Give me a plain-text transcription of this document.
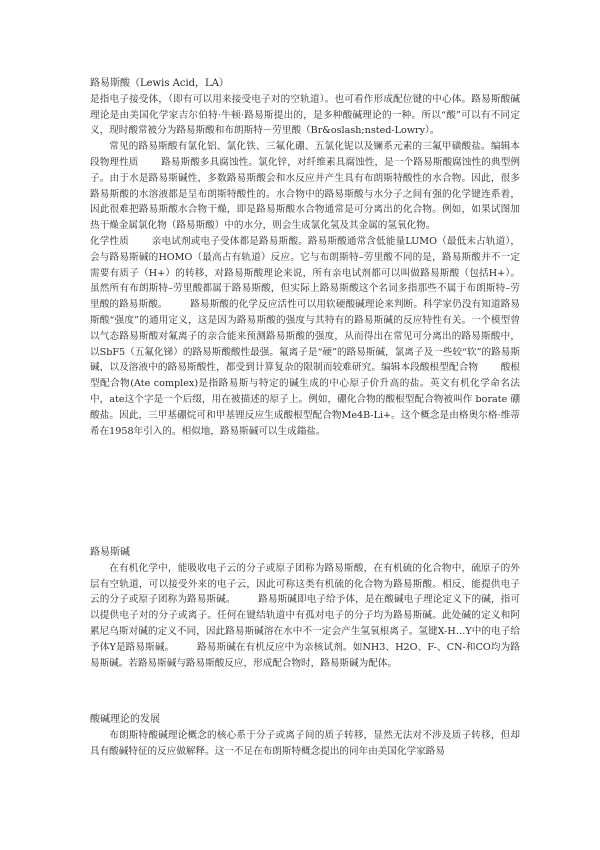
路易斯酸（Lewis Acid，LA）

是指电子接受体，（即有可以用来接受电子对的空轨道）。也可看作形成配位键的中心体。路易斯酸碱理论是由美国化学家吉尔伯特·牛顿·路易斯提出的，是多种酸碱理论的一种。所以“酸”可以有不同定义，现时酸常被分为路易斯酸和布朗斯特－劳里酸（Br&oslash;nsted-Lowry）。

常见的路易斯酸有氯化铝、氯化铁、三氟化硼、五氯化铌以及镧系元素的三氟甲磺酸盐。编辑本段物理性质 　　路易斯酸多具腐蚀性。氯化锌，对纤维素具腐蚀性，是一个路易斯酸腐蚀性的典型例子。由于水是路易斯碱性，多数路易斯酸会和水反应并产生具有布朗斯特酸性的水合物。因此，很多路易斯酸的水溶液都是呈布朗斯特酸性的。水合物中的路易斯酸与水分子之间有强的化学键连系着，因此很难把路易斯酸水合物干燥，即是路易斯酸水合物通常是可分离出的化合物。例如，如果试图加热干燥金属氯化物（路易斯酸）中的水分，则会生成氯化氢及其金属的氢氧化物。

化学性质 　　亲电试剂或电子受体都是路易斯酸。路易斯酸通常含低能量LUMO（最低未占轨道），会与路易斯碱的HOMO（最高占有轨道）反应。它与布朗斯特–劳里酸不同的是，路易斯酸并不一定需要有质子（H+）的转移，对路易斯酸理论来说，所有亲电试剂都可以叫做路易斯酸（包括H+）。虽然所有布朗斯特–劳里酸都属于路易斯酸，但实际上路易斯酸这个名词多指那些不属于布朗斯特–劳里酸的路易斯酸。 　　路易斯酸的化学反应活性可以用软硬酸碱理论来判断。科学家仍没有知道路易斯酸“强度”的通用定义，这是因为路易斯酸的强度与其特有的路易斯碱的反应特性有关。一个模型曾以气态路易斯酸对氟离子的亲合能来预测路易斯酸的强度，从而得出在常见可分离出的路易斯酸中，以SbF5（五氟化锑）的路易斯酸酸性最强。氟离子是“硬”的路易斯碱，氯离子及一些较“软”的路易斯碱，以及溶液中的路易斯酸性，都受到计算复杂的限制而较难研究。编辑本段酸根型配合物 　　酸根型配合物(Ate complex)是指路易斯与特定的碱生成的中心原子价升高的盐。英文有机化学命名法中，ate这个字是一个后缀，用在被描述的原子上。例如，硼化合物的酸根型配合物被叫作 borate 硼酸盐。因此，三甲基硼烷可和甲基锂反应生成酸根型配合物Me4B-Li+。这个概念是由格奥尔格·维蒂希在1958年引入的。相似地，路易斯碱可以生成鎓盐。

路易斯碱

在有机化学中，能吸收电子云的分子或原子团称为路易斯酸，在有机硫的化合物中，硫原子的外层有空轨道，可以接受外来的电子云，因此可称这类有机硫的化合物为路易斯酸。相反，能提供电子云的分子或原子团称为路易斯碱。 　　路易斯碱即电子给予体，是在酸碱电子理论定义下的碱，指可以提供电子对的分子或离子。任何在键结轨道中有孤对电子的分子均为路易斯碱。此处碱的定义和阿累尼乌斯对碱的定义不同，因此路易斯碱溶在水中不一定会产生氢氧根离子。氢键X-H…Y中的电子给予体Y是路易斯碱。 　　路易斯碱在有机反应中为亲核试剂。如NH3、H2O、F-、CN-和CO均为路易斯碱。若路易斯碱与路易斯酸反应，形成配合物时，路易斯碱为配体。

酸碱理论的发展

布朗斯特酸碱理论概念的核心系于分子或离子间的质子转移，显然无法对不涉及质子转移，但却具有酸碱特征的反应做解释。这一不足在布朗斯特概念提出的同年由美国化学家路易
